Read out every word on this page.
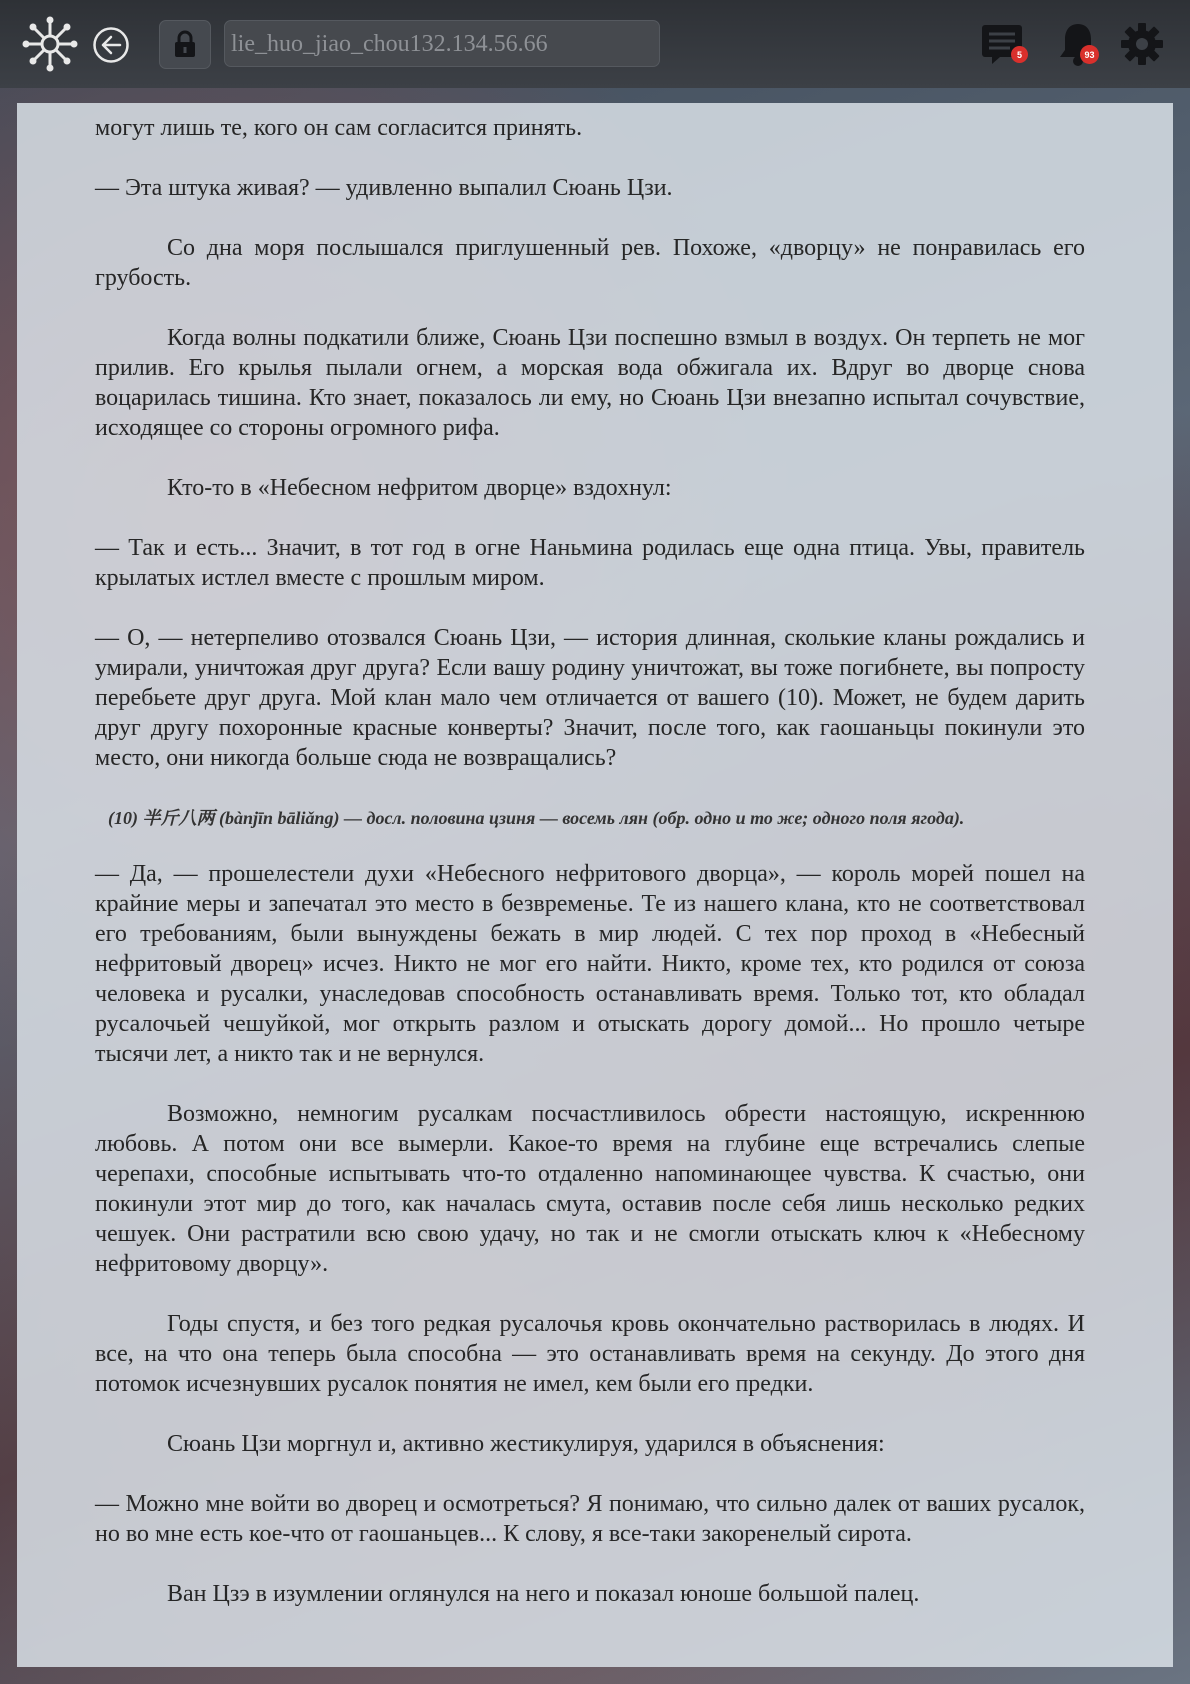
lie_huo_jiao_chou132.134.56.66
5	93

могут лишь те, кого он сам согласится принять.

— Эта штука живая? — удивленно выпалил Сюань Цзи.

Со дна моря послышался приглушенный рев. Похоже, «дворцу» не понравилась его грубость.

Когда волны подкатили ближе, Сюань Цзи поспешно взмыл в воздух. Он терпеть не мог прилив. Его крылья пылали огнем, а морская вода обжигала их. Вдруг во дворце снова воцарилась тишина. Кто знает, показалось ли ему, но Сюань Цзи внезапно испытал сочувствие, исходящее со стороны огромного рифа.

Кто-то в «Небесном нефритом дворце» вздохнул:

— Так и есть... Значит, в тот год в огне Наньмина родилась еще одна птица. Увы, правитель крылатых истлел вместе с прошлым миром.

— О, — нетерпеливо отозвался Сюань Цзи, — история длинная, сколькие кланы рождались и умирали, уничтожая друг друга? Если вашу родину уничтожат, вы тоже погибнете, вы попросту перебьете друг друга. Мой клан мало чем отличается от вашего (10). Может, не будем дарить друг другу похоронные красные конверты? Значит, после того, как гаошаньцы покинули это место, они никогда больше сюда не возвращались?

(10) 半斤八两 (bànjīn bāliǎng) — досл. половина цзиня — восемь лян (обр. одно и то же; одного поля ягода).

— Да, — прошелестели духи «Небесного нефритового дворца», — король морей пошел на крайние меры и запечатал это место в безвременье. Те из нашего клана, кто не соответствовал его требованиям, были вынуждены бежать в мир людей. С тех пор проход в «Небесный нефритовый дворец» исчез. Никто не мог его найти. Никто, кроме тех, кто родился от союза человека и русалки, унаследовав способность останавливать время. Только тот, кто обладал русалочьей чешуйкой, мог открыть разлом и отыскать дорогу домой... Но прошло четыре тысячи лет, а никто так и не вернулся.

Возможно, немногим русалкам посчастливилось обрести настоящую, искреннюю любовь. А потом они все вымерли. Какое-то время на глубине еще встречались слепые черепахи, способные испытывать что-то отдаленно напоминающее чувства. К счастью, они покинули этот мир до того, как началась смута, оставив после себя лишь несколько редких чешуек. Они растратили всю свою удачу, но так и не смогли отыскать ключ к «Небесному нефритовому дворцу».

Годы спустя, и без того редкая русалочья кровь окончательно растворилась в людях. И все, на что она теперь была способна — это останавливать время на секунду. До этого дня потомок исчезнувших русалок понятия не имел, кем были его предки.

Сюань Цзи моргнул и, активно жестикулируя, ударился в объяснения:

— Можно мне войти во дворец и осмотреться? Я понимаю, что сильно далек от ваших русалок, но во мне есть кое-что от гаошаньцев... К слову, я все-таки закоренелый сирота.

Ван Цзэ в изумлении оглянулся на него и показал юноше большой палец.
